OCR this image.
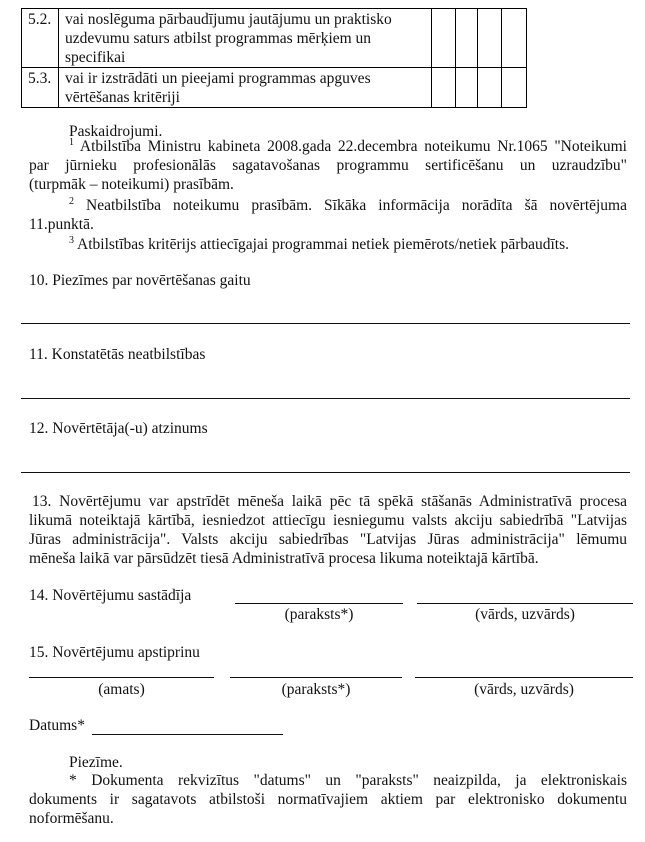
5.2.	vai noslēguma pārbaudījumu jautājumu un praktisko
uzdevumu saturs atbilst programmas mērķiem un
specifikai				

5.3.	vai ir izstrādāti un pieejami programmas apguves
vērtēšanas kritēriji				

Paskaidrojumi.
$^1$ Atbilstība Ministru kabineta 2008.gada 22.decembra noteikumu Nr.1065 "Noteikumi
par jūrnieku profesionālās sagatavošanas programmu sertificēšanu un uzraudzību"
(turpmāk – noteikumi) prasībām.
$^2$ Neatbilstība noteikumu prasībām. Sīkāka informācija norādīta šā novērtējuma
11.punktā.
$^3$ Atbilstības kritērijs attiecīgajai programmai netiek piemērots/netiek pārbaudīts.
10. Piezīmes par novērtēšanas gaitu
11. Konstatētās neatbilstības
12. Novērtētāja(-u) atzinums
13. Novērtējumu var apstrīdēt mēneša laikā pēc tā spēkā stāšanās Administratīvā procesa
likumā noteiktajā kārtībā, iesniedzot attiecīgu iesniegumu valsts akciju sabiedrībā "Latvijas
Jūras administrācija". Valsts akciju sabiedrības "Latvijas Jūras administrācija" lēmumu
mēneša laikā var pārsūdzēt tiesā Administratīvā procesa likuma noteiktajā kārtībā.
14. Novērtējumu sastādīja
(paraksts*)	(vārds, uzvārds)
15. Novērtējumu apstiprinu
(amats)	(paraksts*)	(vārds, uzvārds)
Datums*
Piezīme.
* Dokumenta rekvizītus "datums" un "paraksts" neaizpilda, ja elektroniskais
dokuments ir sagatavots atbilstoši normatīvajiem aktiem par elektronisko dokumentu
noformēšanu.
